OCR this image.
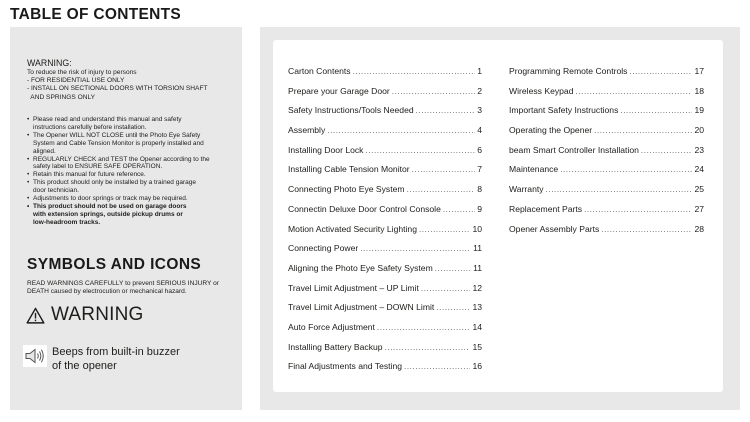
TABLE OF CONTENTS
WARNING:
To reduce the risk of injury to persons
- FOR RESIDENTIAL USE ONLY
- INSTALL ON SECTIONAL DOORS WITH TORSION SHAFT
AND SPRINGS ONLY
• Please read and understand this manual and safety
instructions carefully before installation.
• The Opener WILL NOT CLOSE until the Photo Eye Safety
System and Cable Tension Monitor is properly installed and
aligned.
• REGULARLY CHECK and TEST the Opener according to the
safety label to ENSURE SAFE OPERATION.
• Retain this manual for future reference.
• This product should only be installed by a trained garage
door technician.
• Adjustments to door springs or track may be required.
• This product should not be used on garage doors
with extension springs, outside pickup drums or
low-headroom tracks.
SYMBOLS AND ICONS
READ WARNINGS CAREFULLY to prevent SERIOUS INJURY or DEATH caused by electrocution or mechanical hazard.
WARNING
Beeps from built-in buzzer
of the opener
Carton Contents .....	1
Prepare your Garage Door .....	2
Safety Instructions/Tools Needed .....	3
Assembly .....	4
Installing Door Lock .....	6
Installing Cable Tension Monitor .....	7
Connecting Photo Eye System .....	8
Connectin Deluxe Door Control Console .....	9
Motion Activated Security Lighting .....	10
Connecting Power .....	11
Aligning the Photo Eye Safety System .....	11
Travel Limit Adjustment – UP Limit .....	12
Travel Limit Adjustment – DOWN Limit .....	13
Auto Force Adjustment .....	14
Installing Battery Backup .....	15
Final Adjustments and Testing .....	16
Programming Remote Controls .....	17
Wireless Keypad .....	18
Important Safety Instructions .....	19
Operating the Opener .....	20
beam Smart Controller Installation .....	23
Maintenance .....	24
Warranty .....	25
Replacement Parts .....	27
Opener Assembly Parts .....	28
